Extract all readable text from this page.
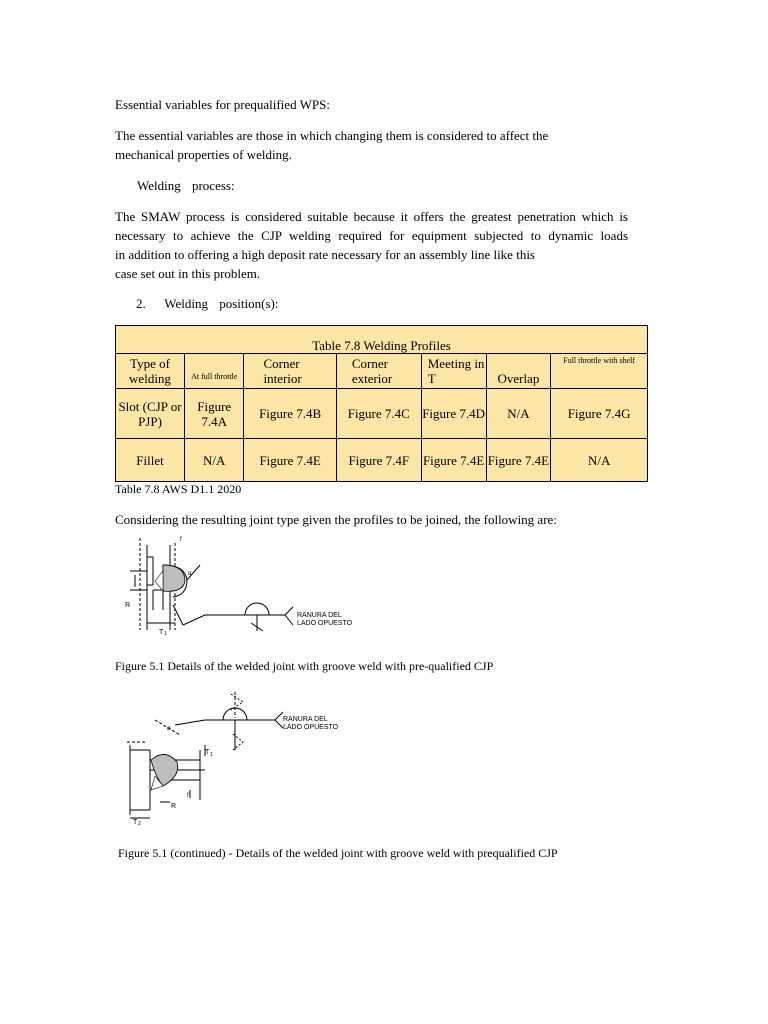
Essential variables for prequalified WPS:
The essential variables are those in which changing them is considered to affect the
mechanical properties of welding.
Welding process:
The SMAW process is considered suitable because it offers the greatest penetration which is
necessary to achieve the CJP welding required for equipment subjected to dynamic loads
in addition to offering a high deposit rate necessary for an assembly line like this
case set out in this problem.
2. Welding position(s):
Table 7.8 Welding Profiles						
Type of welding	At full throttle	Corner interior	Corner exterior	Meeting in T	Overlap	Full throttle with shelf

Slot (CJP or PJP)	Figure 7.4A	Figure 7.4B	Figure 7.4C	Figure 7.4D	N/A	Figure 7.4G
Fillet	N/A	Figure 7.4E	Figure 7.4F	Figure 7.4E	Figure 7.4E	N/A
Table 7.8 AWS D1.1 2020
Considering the resulting joint type given the profiles to be joined, the following are:
R
T 1
f
α
RANURA DEL
LADO OPUESTO
Figure 5.1 Details of the welded joint with groove weld with pre-qualified CJP
T 1
T 2
R
f
α
RANURA DEL
LADO OPUESTO
Figure 5.1 (continued) - Details of the welded joint with groove weld with prequalified CJP
